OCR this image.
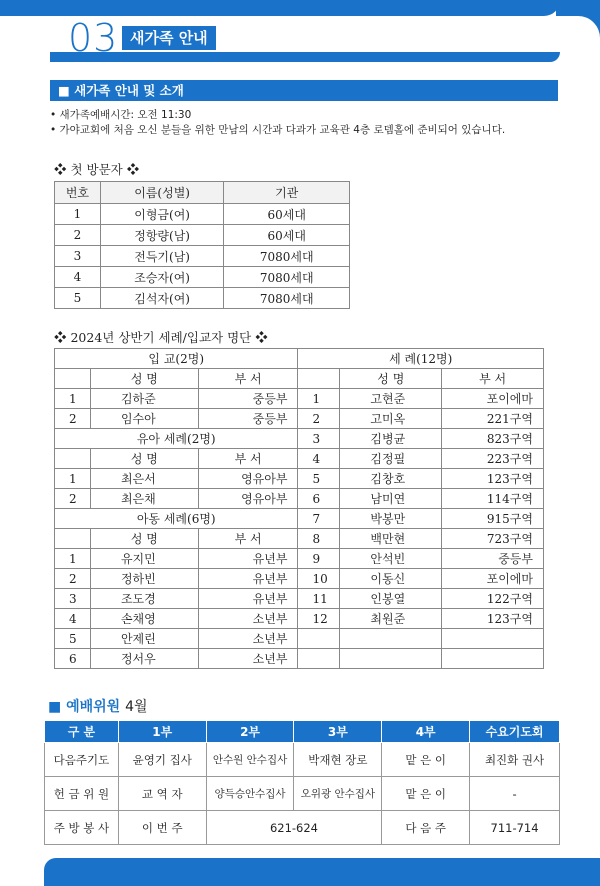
03 새가족 안내
■ 새가족 안내 및 소개
• 새가족예배시간: 오전 11:30
• 가야교회에 처음 오신 분들을 위한 만남의 시간과 다과가 교육관 4층 로뎀홀에 준비되어 있습니다.
❖ 첫 방문자 ❖
번호	이름(성별)	기관
1	이형금(여)	60세대
2	정항량(남)	60세대
3	전득기(남)	7080세대
4	조승자(여)	7080세대
5	김석자(여)	7080세대
❖ 2024년 상반기 세례/입교자 명단 ❖
입 교(2명)			세 례(12명)		
	성 명	부 서		성 명	부 서
1	김하준	중등부	1	고현준	포이에마
2	임수아	중등부	2	고미옥	221구역
유아 세례(2명)			3	김병균	823구역
	성 명	부 서	4	김정필	223구역
1	최은서	영유아부	5	김창호	123구역
2	최은채	영유아부	6	남미연	114구역
아동 세례(6명)			7	박봉만	915구역
	성 명	부 서	8	백만현	723구역
1	유지민	유년부	9	안석빈	중등부
2	정하빈	유년부	10	이동신	포이에마
3	조도경	유년부	11	인봉열	122구역
4	손채영	소년부	12	최원준	123구역
5	안제린	소년부			
6	정서우	소년부			
■ 예배위원 4월
구 분	1부	2부	3부	4부	수요기도회
다음주기도	윤영기 집사	안수원 안수집사	박재현 장로	맡 은 이	최진화 권사
헌 금 위 원	교 역 자	양득승안수집사	오위광 안수집사	맡 은 이	-
주 방 봉 사	이 번 주	621-624		다 음 주	711-714
